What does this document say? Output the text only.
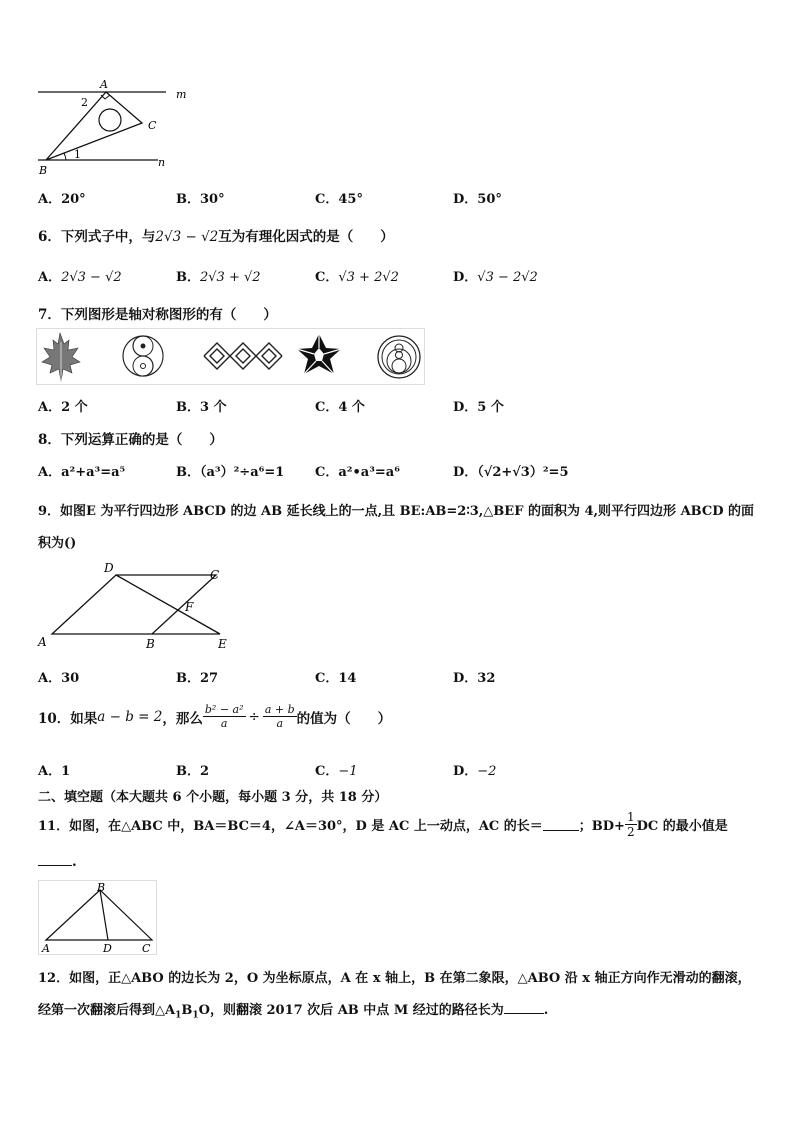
A
2
C
1
B
m
n
A．20°	B．30°	C．45°	D．50°
6．下列式子中，与2√3 − √2互为有理化因式的是（　　）
A．2√3 − √2	B．2√3 + √2	C．√3 + 2√2	D．√3 − 2√2
7．下列图形是轴对称图形的有（　　）
A．2 个	B．3 个	C．4 个	D．5 个
8．下列运算正确的是（　　）
A．a²+a³=a⁵	B．（a³）²÷a⁶=1 C．a²•a³=a⁶	D．（√2+√3）²=5
9．如图E 为平行四边形 ABCD 的边 AB 延长线上的一点,且 BE:AB=2∶3,△BEF 的面积为 4,则平行四边形 ABCD 的面
积为()
D	C
F
A	B	E
A．30	B．27	C．14	D．32
10．如果 a − b = 2 ，那么 $\frac{\text{b² − a²}}{a} \div \frac{a + b}{a}$ 的值为（　　）
A．1	B．2	C．−1	D．−2
二、填空题（本大题共 6 个小题，每小题 3 分，共 18 分）
11．如图，在△ABC 中，BA＝BC＝4，∠A＝30°，D 是 AC 上一动点，AC 的长＝	；$BD+ \frac{1}{2}$ DC 的最小值是
.
B
A	D	C
12．如图，正△ABO 的边长为 2，O 为坐标原点，A 在 x 轴上，B 在第二象限，△ABO 沿 x 轴正方向作无滑动的翻滚，
经第一次翻滚后得到$\triangle A_1B_1O$，则翻滚 2017 次后 AB 中点 M 经过的路径长为	.
